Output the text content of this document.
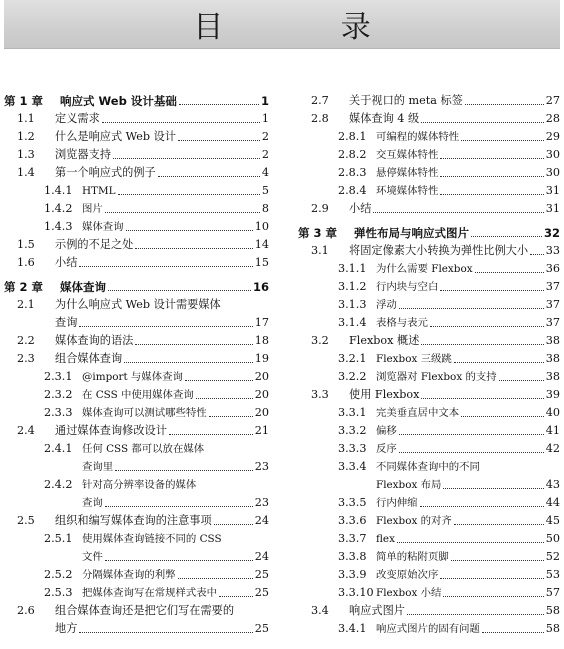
目 录
第 1 章	响应式 Web 设计基础	1
1.1	定义需求	1
1.2	什么是响应式 Web 设计	2
1.3	浏览器支持	2
1.4	第一个响应式的例子	4
1.4.1 HTML	5
1.4.2 图片	8
1.4.3 媒体查询	10
1.5	示例的不足之处	14
1.6	小结	15
第 2 章	媒体查询	16
2.1	为什么响应式 Web 设计需要媒体
查询	17
2.2	媒体查询的语法	18
2.3	组合媒体查询	19
2.3.1 @import 与媒体查询	20
2.3.2 在 CSS 中使用媒体查询	20
2.3.3 媒体查询可以测试哪些特性	20
2.4	通过媒体查询修改设计	21
2.4.1 任何 CSS 都可以放在媒体
查询里	23
2.4.2 针对高分辨率设备的媒体
查询	23
2.5	组织和编写媒体查询的注意事项	24
2.5.1 使用媒体查询链接不同的 CSS
文件	24
2.5.2 分隔媒体查询的利弊	25
2.5.3 把媒体查询写在常规样式表中	25
2.6	组合媒体查询还是把它们写在需要的
地方	25
2.7	关于视口的 meta 标签	27
2.8	媒体查询 4 级	28
2.8.1 可编程的媒体特性	29
2.8.2 交互媒体特性	30
2.8.3 悬停媒体特性	30
2.8.4 环境媒体特性	31
2.9	小结	31
第 3 章	弹性布局与响应式图片	32
3.1	将固定像素大小转换为弹性比例大小 33
3.1.1 为什么需要 Flexbox	36
3.1.2 行内块与空白	37
3.1.3 浮动	37
3.1.4 表格与表元	37
3.2	Flexbox 概述	38
3.2.1 Flexbox 三级跳	38
3.2.2 浏览器对 Flexbox 的支持	38
3.3	使用 Flexbox	39
3.3.1 完美垂直居中文本	40
3.3.2 偏移	41
3.3.3 反序	42
3.3.4 不同媒体查询中的不同
Flexbox 布局	43
3.3.5 行内伸缩	44
3.3.6 Flexbox 的对齐	45
3.3.7 flex	50
3.3.8 简单的粘附页脚	52
3.3.9 改变原始次序	53
3.3.10 Flexbox 小结	57
3.4	响应式图片	58
3.4.1 响应式图片的固有问题	58
